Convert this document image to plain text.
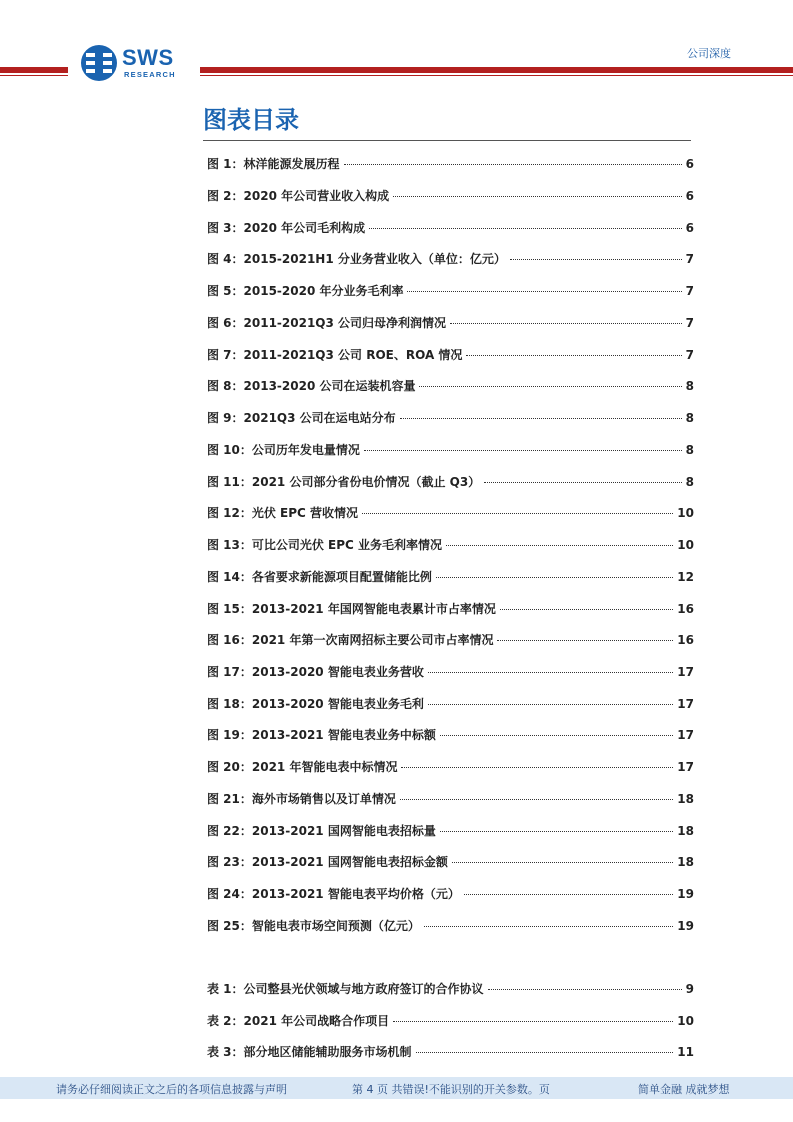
SWS
RESEARCH
公司深度
图表目录
图 1：林洋能源发展历程	6
图 2：2020 年公司营业收入构成	6
图 3：2020 年公司毛利构成	6
图 4：2015-2021H1 分业务营业收入（单位：亿元）	7
图 5：2015-2020 年分业务毛利率	7
图 6：2011-2021Q3 公司归母净利润情况	7
图 7：2011-2021Q3 公司 ROE、ROA 情况	7
图 8：2013-2020 公司在运装机容量	8
图 9：2021Q3 公司在运电站分布	8
图 10：公司历年发电量情况	8
图 11：2021 公司部分省份电价情况（截止 Q3）	8
图 12：光伏 EPC 营收情况	10
图 13：可比公司光伏 EPC 业务毛利率情况	10
图 14：各省要求新能源项目配置储能比例	12
图 15：2013-2021 年国网智能电表累计市占率情况	16
图 16：2021 年第一次南网招标主要公司市占率情况	16
图 17：2013-2020 智能电表业务营收	17
图 18：2013-2020 智能电表业务毛利	17
图 19：2013-2021 智能电表业务中标额	17
图 20：2021 年智能电表中标情况	17
图 21：海外市场销售以及订单情况	18
图 22：2013-2021 国网智能电表招标量	18
图 23：2013-2021 国网智能电表招标金额	18
图 24：2013-2021 智能电表平均价格（元）	19
图 25：智能电表市场空间预测（亿元）	19
表 1：公司整县光伏领域与地方政府签订的合作协议	9
表 2：2021 年公司战略合作项目	10
表 3：部分地区储能辅助服务市场机制	11
请务必仔细阅读正文之后的各项信息披露与声明	第 4 页 共错误!不能识别的开关参数。页	简单金融 成就梦想
